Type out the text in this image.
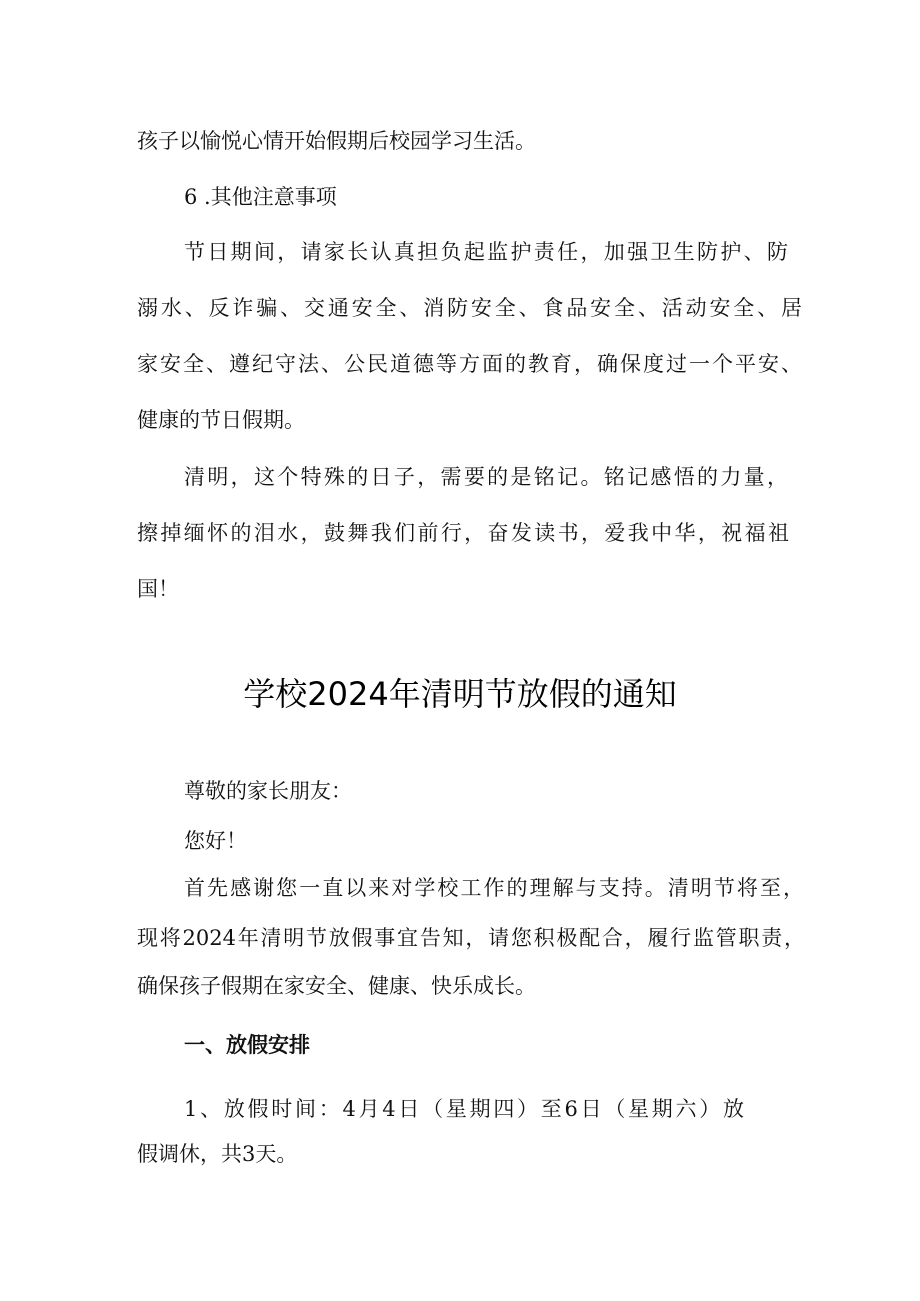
孩子以愉悦心情开始假期后校园学习生活。
6 .其他注意事项
节日期间，请家长认真担负起监护责任，加强卫生防护、防
溺水、反诈骗、交通安全、消防安全、食品安全、活动安全、居
家安全、遵纪守法、公民道德等方面的教育，确保度过一个平安、
健康的节日假期。
清明，这个特殊的日子，需要的是铭记。铭记感悟的力量，
擦掉缅怀的泪水，鼓舞我们前行，奋发读书，爱我中华，祝福祖
国！
学校2024年清明节放假的通知
尊敬的家长朋友：
您好！
首先感谢您一直以来对学校工作的理解与支持。清明节将至，
现将2024年清明节放假事宜告知，请您积极配合，履行监管职责，
确保孩子假期在家安全、健康、快乐成长。
一、放假安排
1、放假时间：4月4日（星期四）至6日（星期六）放
假调休，共3天。
